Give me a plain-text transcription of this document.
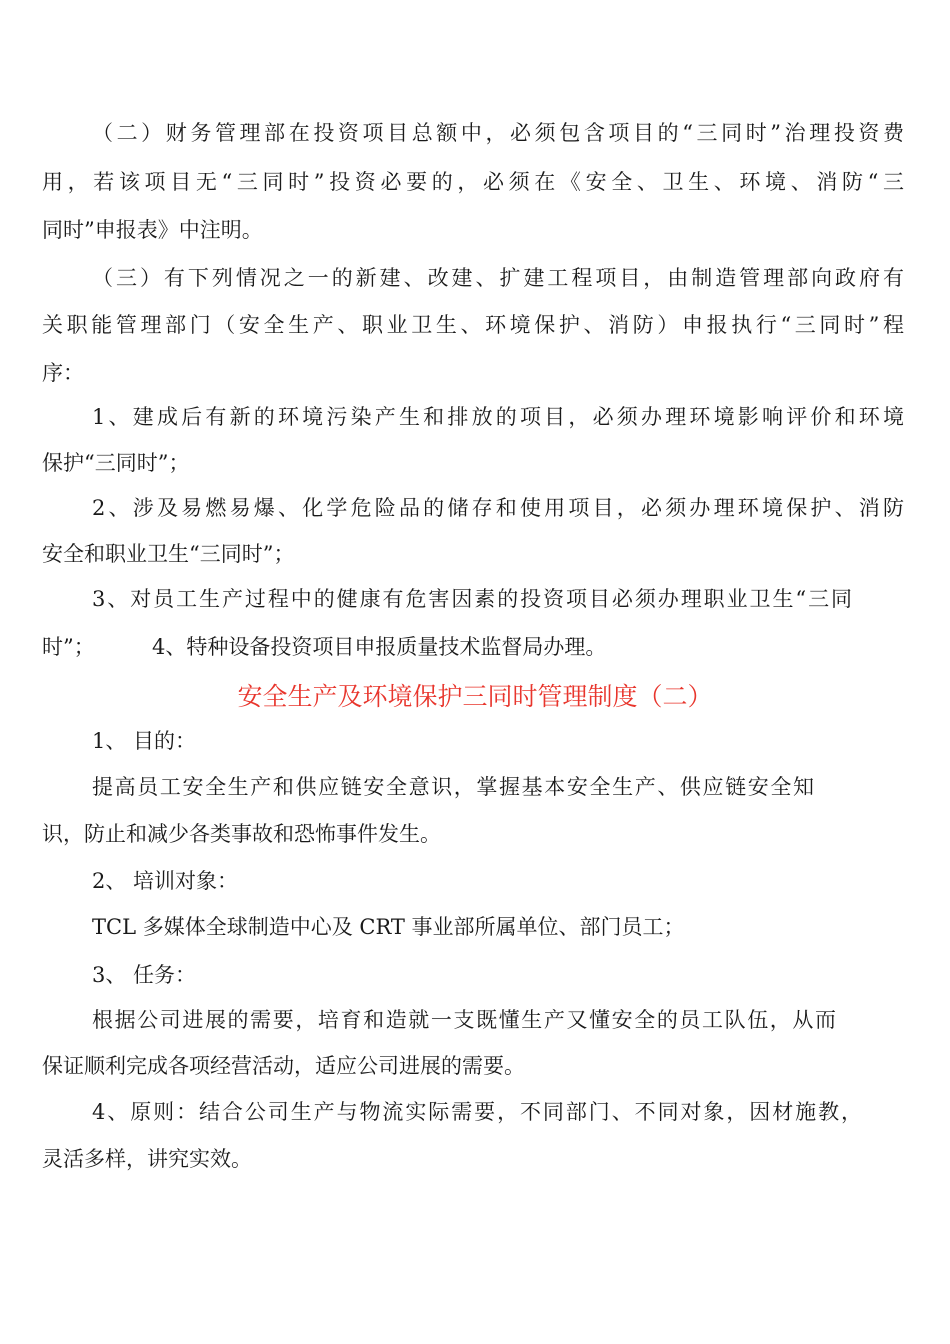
（二）财务管理部在投资项目总额中，必须包含项目的“三同时”治理投资费
用，若该项目无“三同时”投资必要的，必须在《安全、卫生、环境、消防“三
同时”申报表》中注明。
（三）有下列情况之一的新建、改建、扩建工程项目，由制造管理部向政府有
关职能管理部门（安全生产、职业卫生、环境保护、消防）申报执行“三同时”程
序：
1、建成后有新的环境污染产生和排放的项目，必须办理环境影响评价和环境
保护“三同时”；
2、涉及易燃易爆、化学危险品的储存和使用项目，必须办理环境保护、消防
安全和职业卫生“三同时”；
3、对员工生产过程中的健康有危害因素的投资项目必须办理职业卫生“三同
时”；	4、特种设备投资项目申报质量技术监督局办理。
安全生产及环境保护三同时管理制度（二）
1、 目的：
提高员工安全生产和供应链安全意识，掌握基本安全生产、供应链安全知
识，防止和减少各类事故和恐怖事件发生。
2、 培训对象：
TCL 多媒体全球制造中心及 CRT 事业部所属单位、部门员工；
3、 任务：
根据公司进展的需要，培育和造就一支既懂生产又懂安全的员工队伍，从而
保证顺利完成各项经营活动，适应公司进展的需要。
4、原则：结合公司生产与物流实际需要，不同部门、不同对象，因材施教，
灵活多样，讲究实效。
